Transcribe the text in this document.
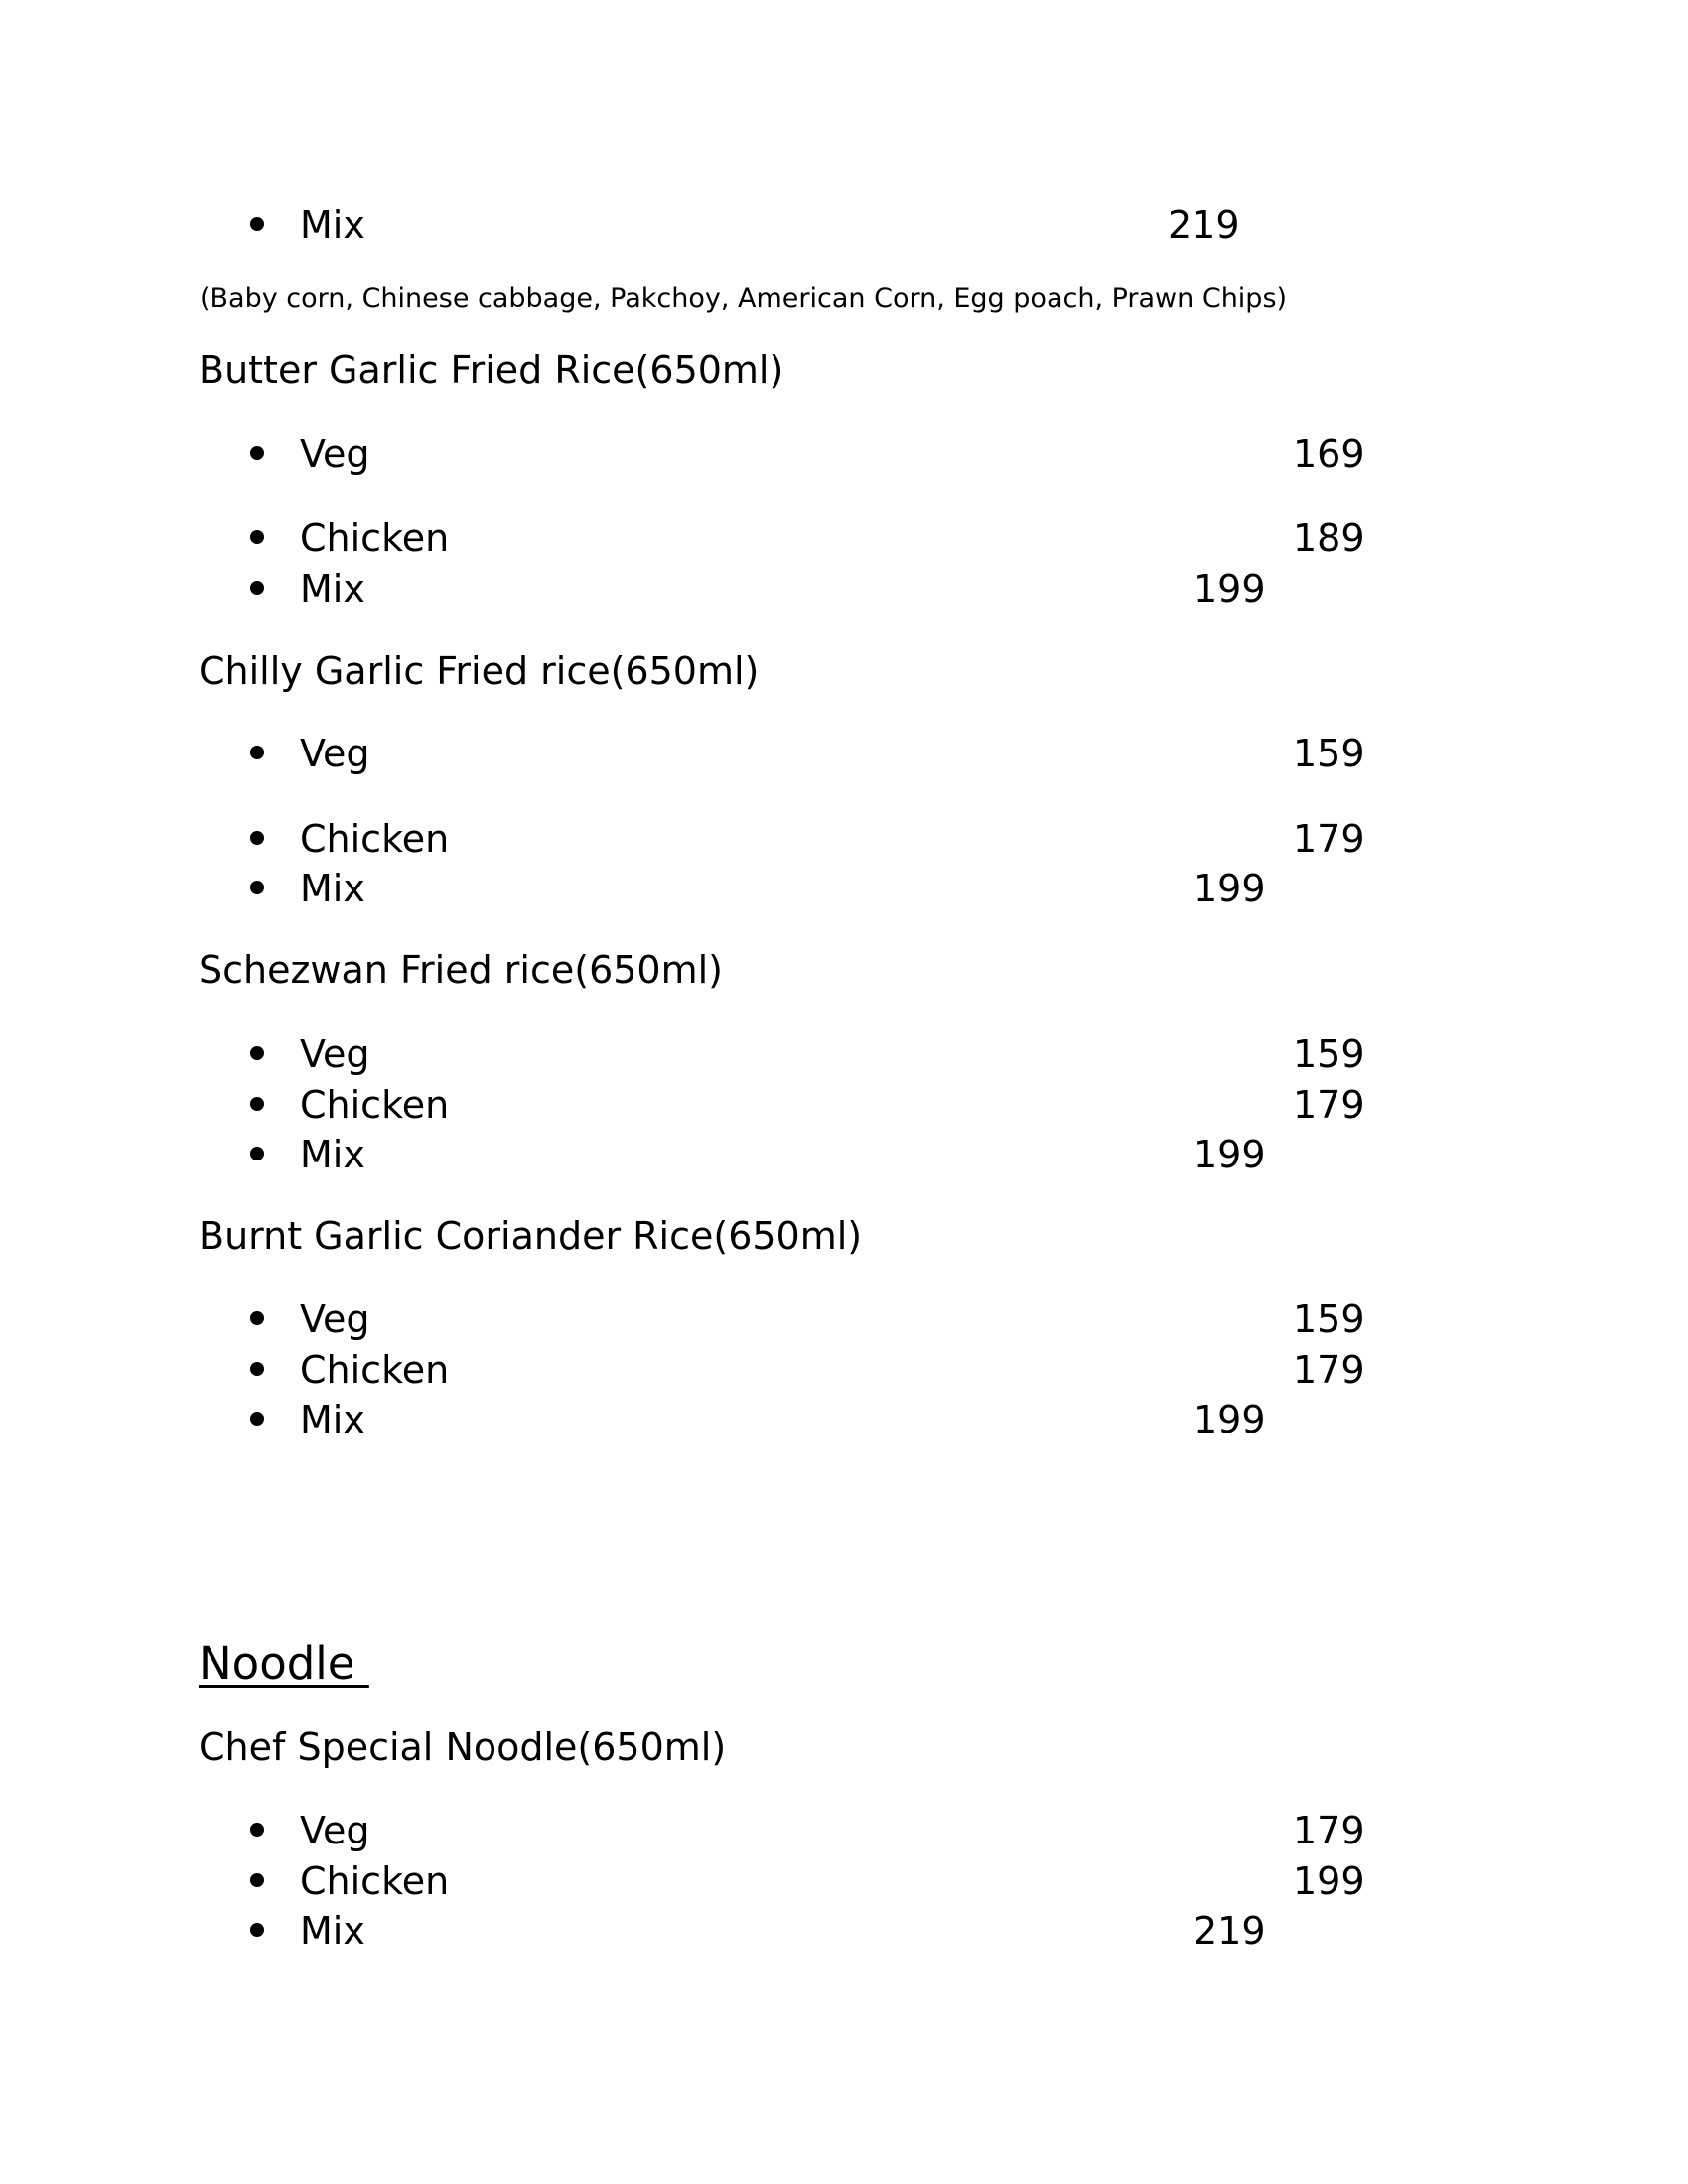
Mix	219
(Baby corn, Chinese cabbage, Pakchoy, American Corn, Egg poach, Prawn Chips)
Butter Garlic Fried Rice(650ml)
Veg	169
Chicken	189
Mix	199
Chilly Garlic Fried rice(650ml)
Veg	159
Chicken	179
Mix	199
Schezwan Fried rice(650ml)
Veg	159
Chicken	179
Mix	199
Burnt Garlic Coriander Rice(650ml)
Veg	159
Chicken	179
Mix	199
Noodle
Chef Special Noodle(650ml)
Veg	179
Chicken	199
Mix	219
